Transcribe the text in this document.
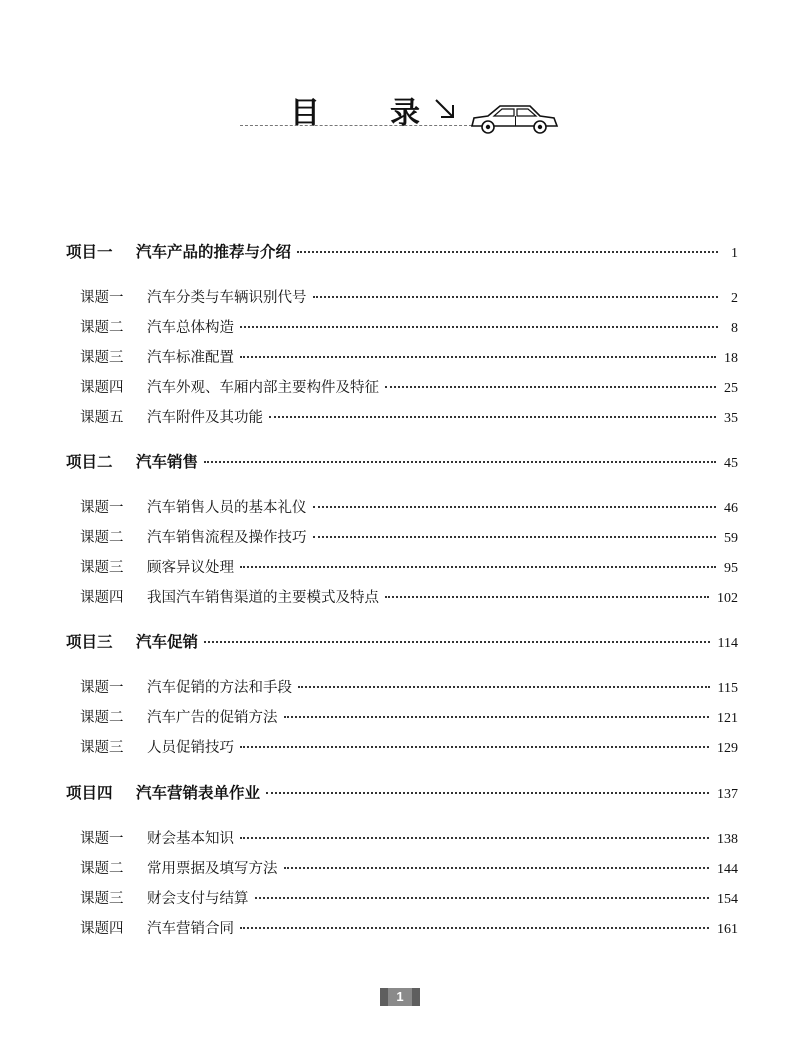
目 录
项目一	汽车产品的推荐与介绍	1
课题一	汽车分类与车辆识别代号	2
课题二	汽车总体构造	8
课题三	汽车标准配置	18
课题四	汽车外观、车厢内部主要构件及特征	25
课题五	汽车附件及其功能	35
项目二	汽车销售	45
课题一	汽车销售人员的基本礼仪	46
课题二	汽车销售流程及操作技巧	59
课题三	顾客异议处理	95
课题四	我国汽车销售渠道的主要模式及特点	102
项目三	汽车促销	114
课题一	汽车促销的方法和手段	115
课题二	汽车广告的促销方法	121
课题三	人员促销技巧	129
项目四	汽车营销表单作业	137
课题一	财会基本知识	138
课题二	常用票据及填写方法	144
课题三	财会支付与结算	154
课题四	汽车营销合同	161
1
